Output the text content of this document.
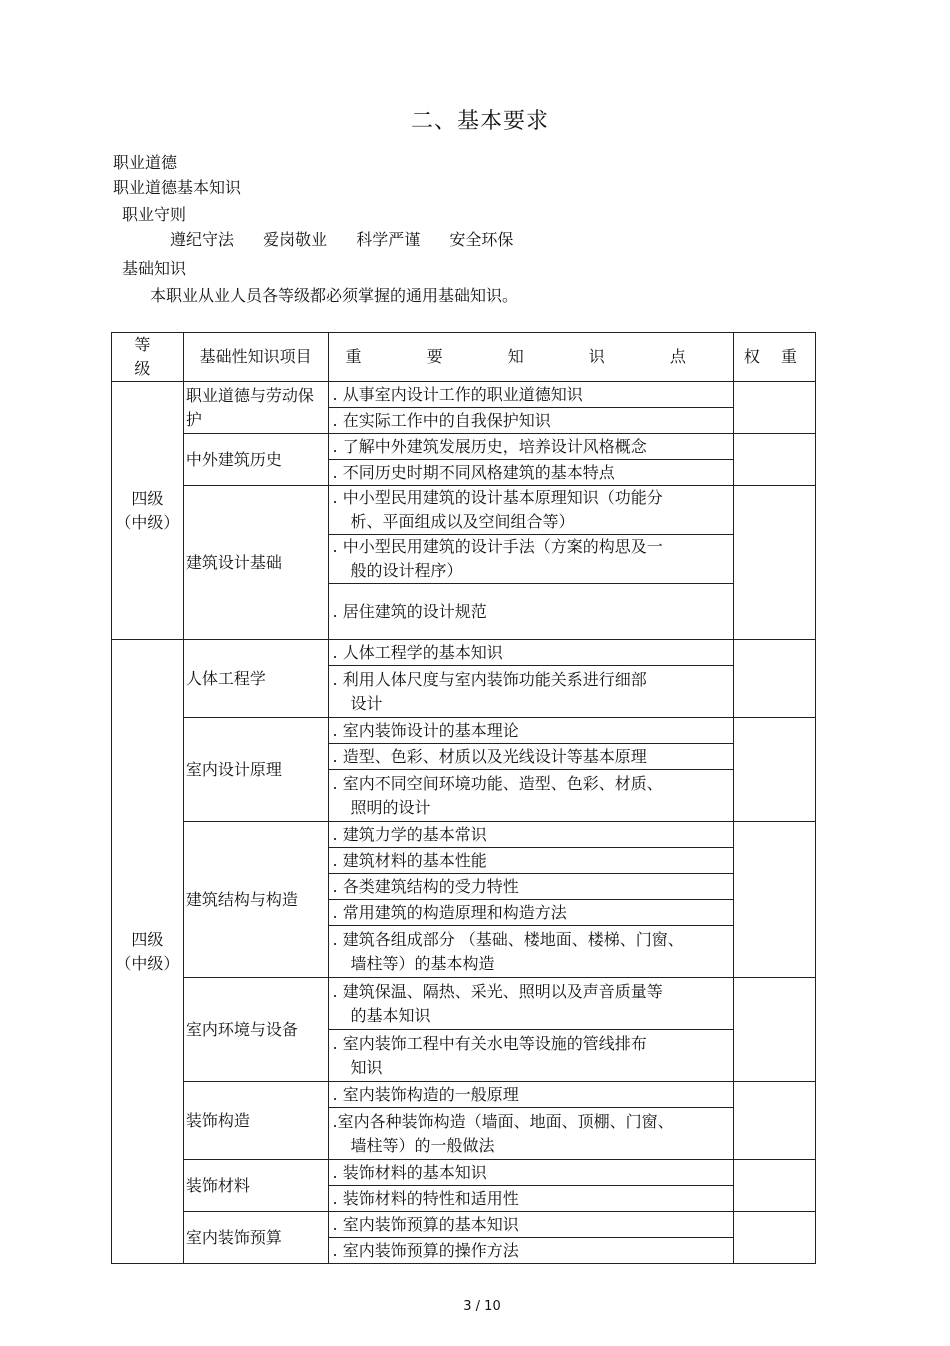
二、基本要求
职业道德
职业道德基本知识
职业守则
遵纪守法 爱岗敬业 科学严谨 安全环保
基础知识
本职业从业人员各等级都必须掌握的通用基础知识。
等 级	基础性知识项目	重 要 知 识 点	权 重

四级
（中级）	职业道德与劳动保护	. 从事室内设计工作的职业道德知识	
		. 在实际工作中的自我保护知识	
	中外建筑历史	. 了解中外建筑发展历史，培养设计风格概念	
		. 不同历史时期不同风格建筑的基本特点	
	建筑设计基础	. 中小型民用建筑的设计基本原理知识（功能分
析、平面组成以及空间组合等）	

		. 中小型民用建筑的设计手法（方案的构思及一
般的设计程序）	

		. 居住建筑的设计规范	

四级
（中级）	人体工程学	. 人体工程学的基本知识	
		. 利用人体尺度与室内装饰功能关系进行细部
设计	

	室内设计原理	. 室内装饰设计的基本理论	
		. 造型、色彩、材质以及光线设计等基本原理	
		. 室内不同空间环境功能、造型、色彩、材质、
照明的设计	

	建筑结构与构造	. 建筑力学的基本常识	
		. 建筑材料的基本性能	
		. 各类建筑结构的受力特性	
		. 常用建筑的构造原理和构造方法	
		. 建筑各组成部分 （基础、楼地面、楼梯、门窗、
墙柱等）的基本构造	

	室内环境与设备	. 建筑保温、隔热、采光、照明以及声音质量等
的基本知识	

		. 室内装饰工程中有关水电等设施的管线排布
知识	

	装饰构造	. 室内装饰构造的一般原理	
		.室内各种装饰构造（墙面、地面、顶棚、门窗、
墙柱等）的一般做法	

	装饰材料	. 装饰材料的基本知识	
		. 装饰材料的特性和适用性	
	室内装饰预算	. 室内装饰预算的基本知识	
		. 室内装饰预算的操作方法	
3 / 10
